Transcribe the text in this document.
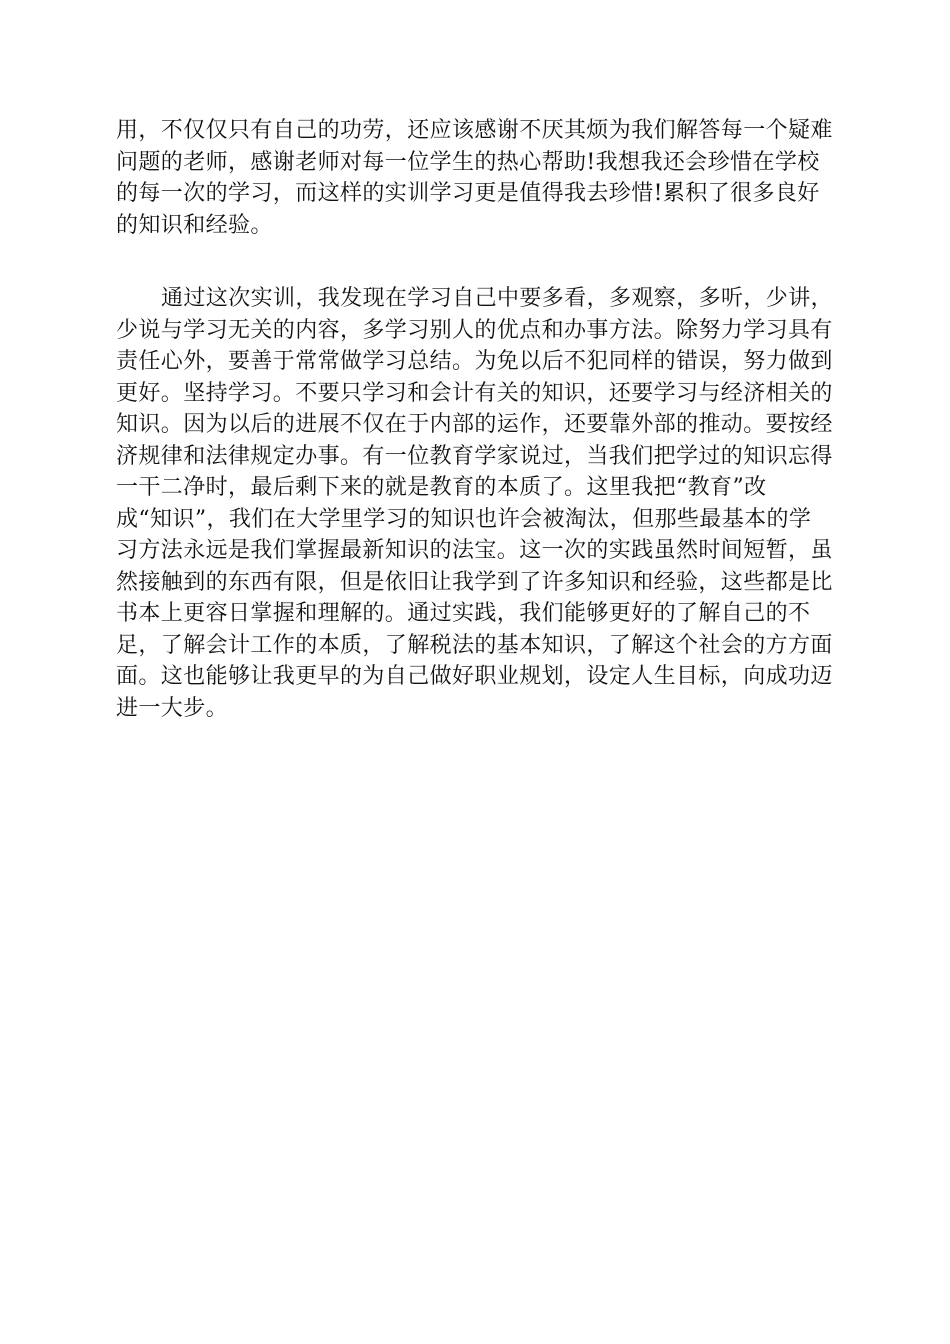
用，不仅仅只有自己的功劳，还应该感谢不厌其烦为我们解答每一个疑难
问题的老师，感谢老师对每一位学生的热心帮助!我想我还会珍惜在学校
的每一次的学习，而这样的实训学习更是值得我去珍惜!累积了很多良好
的知识和经验。
通过这次实训，我发现在学习自己中要多看，多观察，多听，少讲，
少说与学习无关的内容，多学习别人的优点和办事方法。除努力学习具有
责任心外，要善于常常做学习总结。为免以后不犯同样的错误，努力做到
更好。坚持学习。不要只学习和会计有关的知识，还要学习与经济相关的
知识。因为以后的进展不仅在于内部的运作，还要靠外部的推动。要按经
济规律和法律规定办事。有一位教育学家说过，当我们把学过的知识忘得
一干二净时，最后剩下来的就是教育的本质了。这里我把“教育”改
成“知识”，我们在大学里学习的知识也许会被淘汰，但那些最基本的学
习方法永远是我们掌握最新知识的法宝。这一次的实践虽然时间短暂，虽
然接触到的东西有限，但是依旧让我学到了许多知识和经验，这些都是比
书本上更容日掌握和理解的。通过实践，我们能够更好的了解自己的不
足，了解会计工作的本质，了解税法的基本知识，了解这个社会的方方面
面。这也能够让我更早的为自己做好职业规划，设定人生目标，向成功迈
进一大步。
